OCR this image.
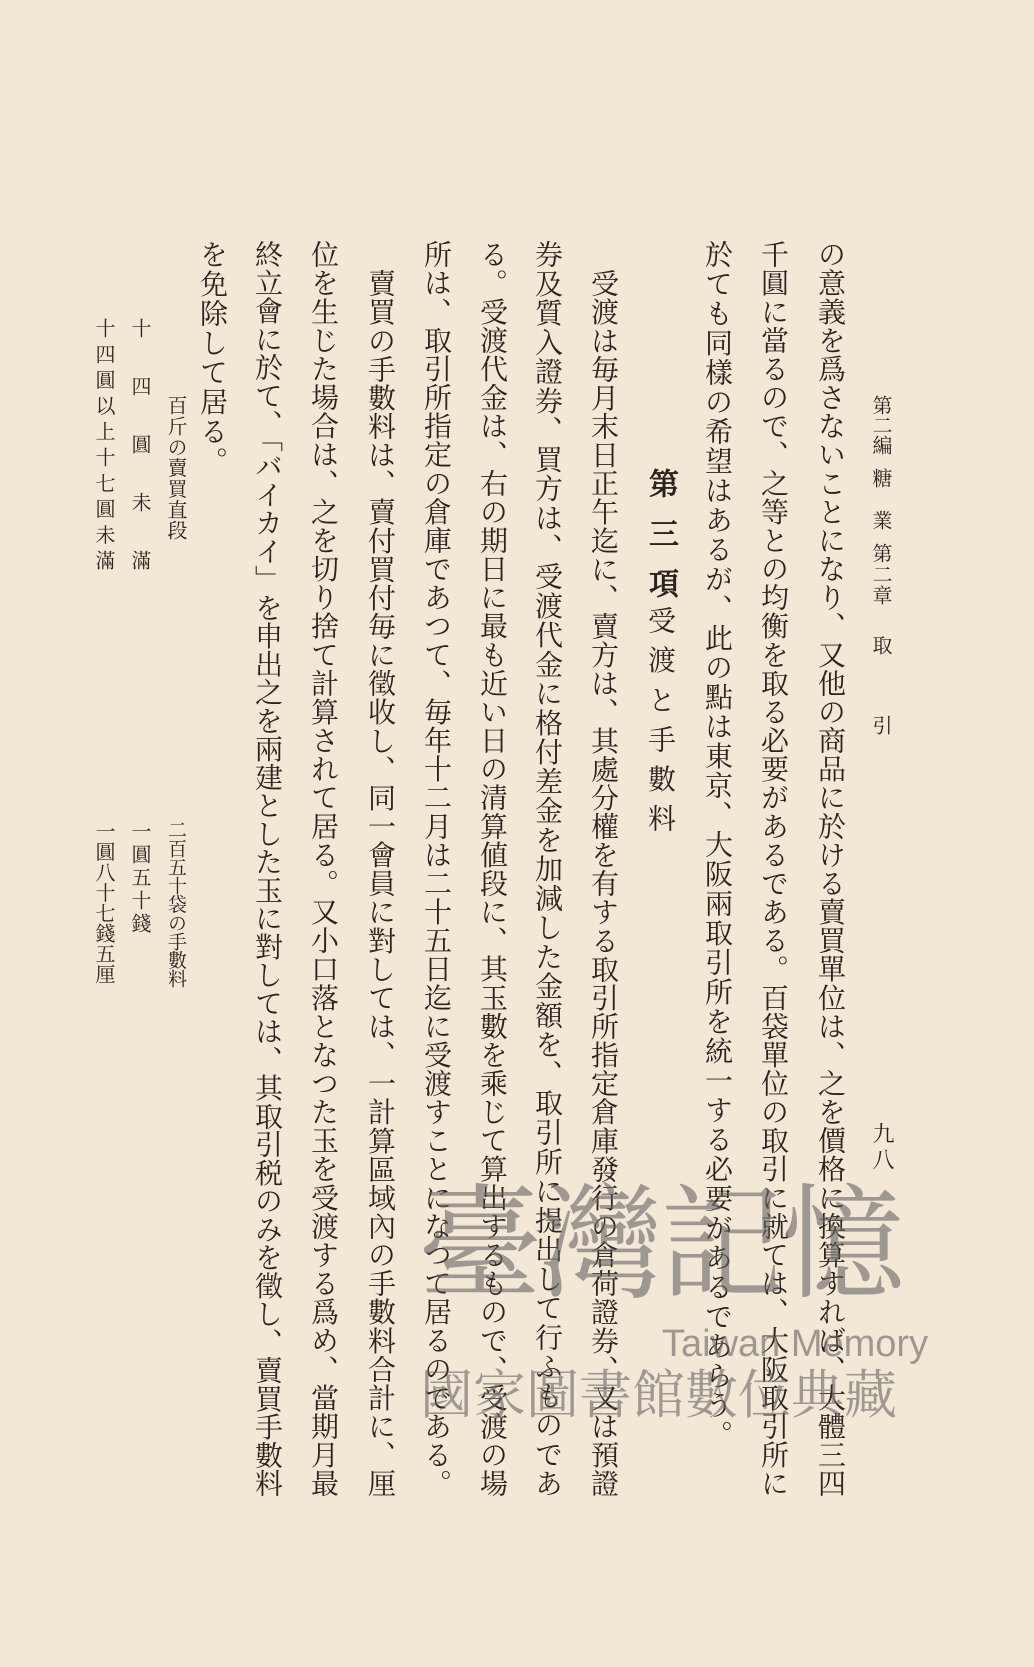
第二編
糖業
第二章
取引
九八
の意義を爲さないことになり、又他の商品に於ける賣買單位は、之を價格に換算すれば、大體三四
千圓に當るので、之等との均衡を取る必要があるである。百袋單位の取引に就ては、大阪取引所に
於ても同樣の希望はあるが、此の點は東京、大阪兩取引所を統一する必要があるであらう。
第三項
受渡と手數料
受渡は毎月末日正午迄に、賣方は、其處分權を有する取引所指定倉庫發行の倉荷證券、又は預證
券及質入證券、買方は、受渡代金に格付差金を加減した金額を、取引所に提出して行ふものであ
る。受渡代金は、右の期日に最も近い日の清算値段に、其玉數を乘じて算出するもので、受渡の場
所は、取引所指定の倉庫であつて、毎年十二月は二十五日迄に受渡すことになつて居るのである。
賣買の手數料は、賣付買付毎に徵收し、同一會員に對しては、一計算區域內の手數料合計に、厘
位を生じた場合は、之を切り捨て計算されて居る。又小口落となつた玉を受渡する爲め、當期月最
終立會に於て、「バイカイ」を申出之を兩建とした玉に對しては、其取引税のみを徵し、賣買手數料
を免除して居る。
百斤の賣買直段
二百五十袋の手數料
十四圓未滿
一圓五十錢
十四圓以上十七圓未滿
一圓八十七錢五厘
臺灣記憶
Taiwan Memory
國家圖書館數位典藏
